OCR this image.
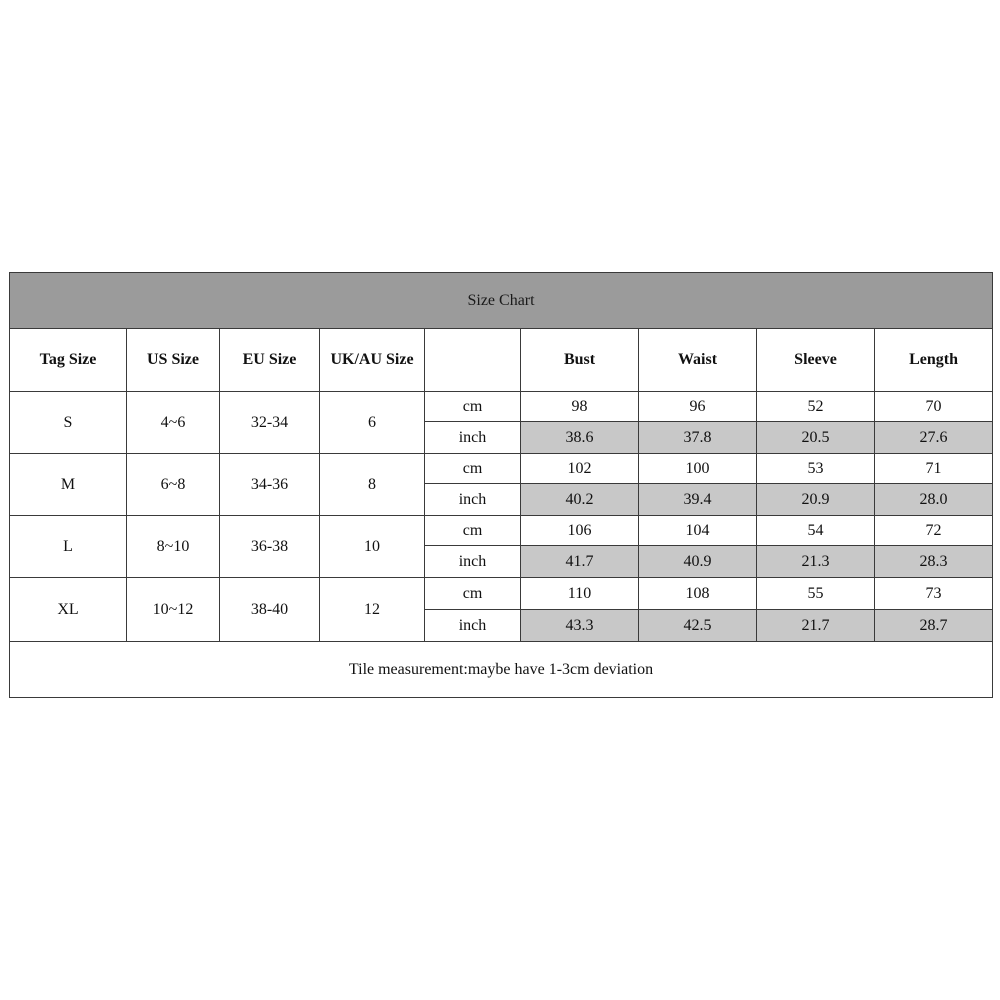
Size Chart								
Tag Size	US Size	EU Size	UK/AU Size		Bust	Waist	Sleeve	Length
S	4~6	32-34	6	cm	98	96	52	70
				inch	38.6	37.8	20.5	27.6
M	6~8	34-36	8	cm	102	100	53	71
				inch	40.2	39.4	20.9	28.0
L	8~10	36-38	10	cm	106	104	54	72
				inch	41.7	40.9	21.3	28.3
XL	10~12	38-40	12	cm	110	108	55	73
				inch	43.3	42.5	21.7	28.7
Tile measurement:maybe have 1-3cm deviation								
